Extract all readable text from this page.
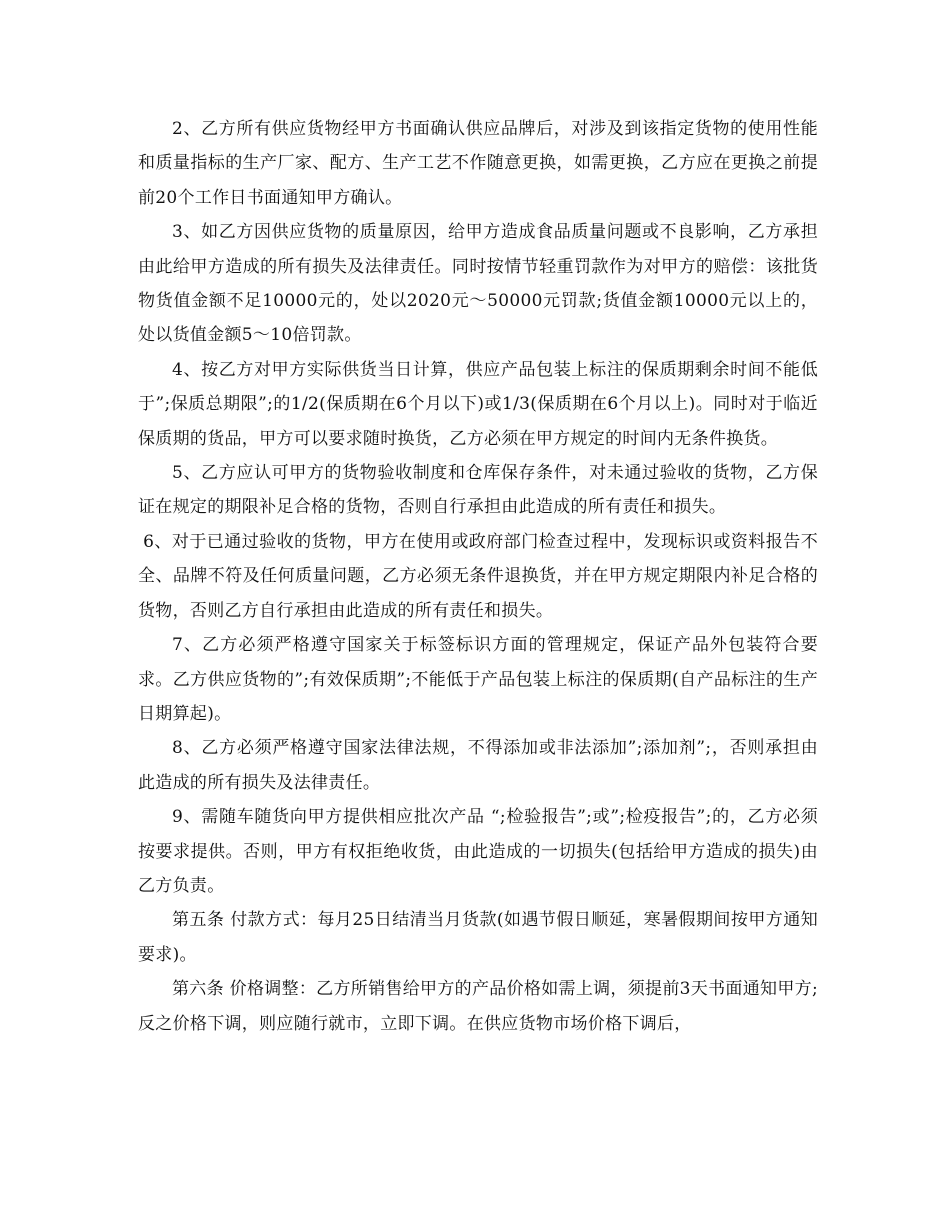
2、乙方所有供应货物经甲方书面确认供应品牌后，对涉及到该指定货物的使用性能和质量指标的生产厂家、配方、生产工艺不作随意更换，如需更换，乙方应在更换之前提前20个工作日书面通知甲方确认。

3、如乙方因供应货物的质量原因，给甲方造成食品质量问题或不良影响，乙方承担由此给甲方造成的所有损失及法律责任。同时按情节轻重罚款作为对甲方的赔偿：该批货物货值金额不足10000元的，处以2020元～50000元罚款;货值金额10000元以上的，处以货值金额5～10倍罚款。

4、按乙方对甲方实际供货当日计算，供应产品包装上标注的保质期剩余时间不能低于”;保质总期限”;的1/2(保质期在6个月以下)或1/3(保质期在6个月以上)。同时对于临近保质期的货品，甲方可以要求随时换货，乙方必须在甲方规定的时间内无条件换货。

5、乙方应认可甲方的货物验收制度和仓库保存条件，对未通过验收的货物，乙方保证在规定的期限补足合格的货物，否则自行承担由此造成的所有责任和损失。

6、对于已通过验收的货物，甲方在使用或政府部门检查过程中，发现标识或资料报告不全、品牌不符及任何质量问题，乙方必须无条件退换货，并在甲方规定期限内补足合格的货物，否则乙方自行承担由此造成的所有责任和损失。

7、乙方必须严格遵守国家关于标签标识方面的管理规定，保证产品外包装符合要求。乙方供应货物的”;有效保质期”;不能低于产品包装上标注的保质期(自产品标注的生产日期算起)。

8、乙方必须严格遵守国家法律法规，不得添加或非法添加”;添加剂”;，否则承担由此造成的所有损失及法律责任。

9、需随车随货向甲方提供相应批次产品 “;检验报告”;或”;检疫报告”;的，乙方必须按要求提供。否则，甲方有权拒绝收货，由此造成的一切损失(包括给甲方造成的损失)由乙方负责。

第五条 付款方式：每月25日结清当月货款(如遇节假日顺延，寒暑假期间按甲方通知要求)。

第六条 价格调整：乙方所销售给甲方的产品价格如需上调，须提前3天书面通知甲方;反之价格下调，则应随行就市，立即下调。在供应货物市场价格下调后，
